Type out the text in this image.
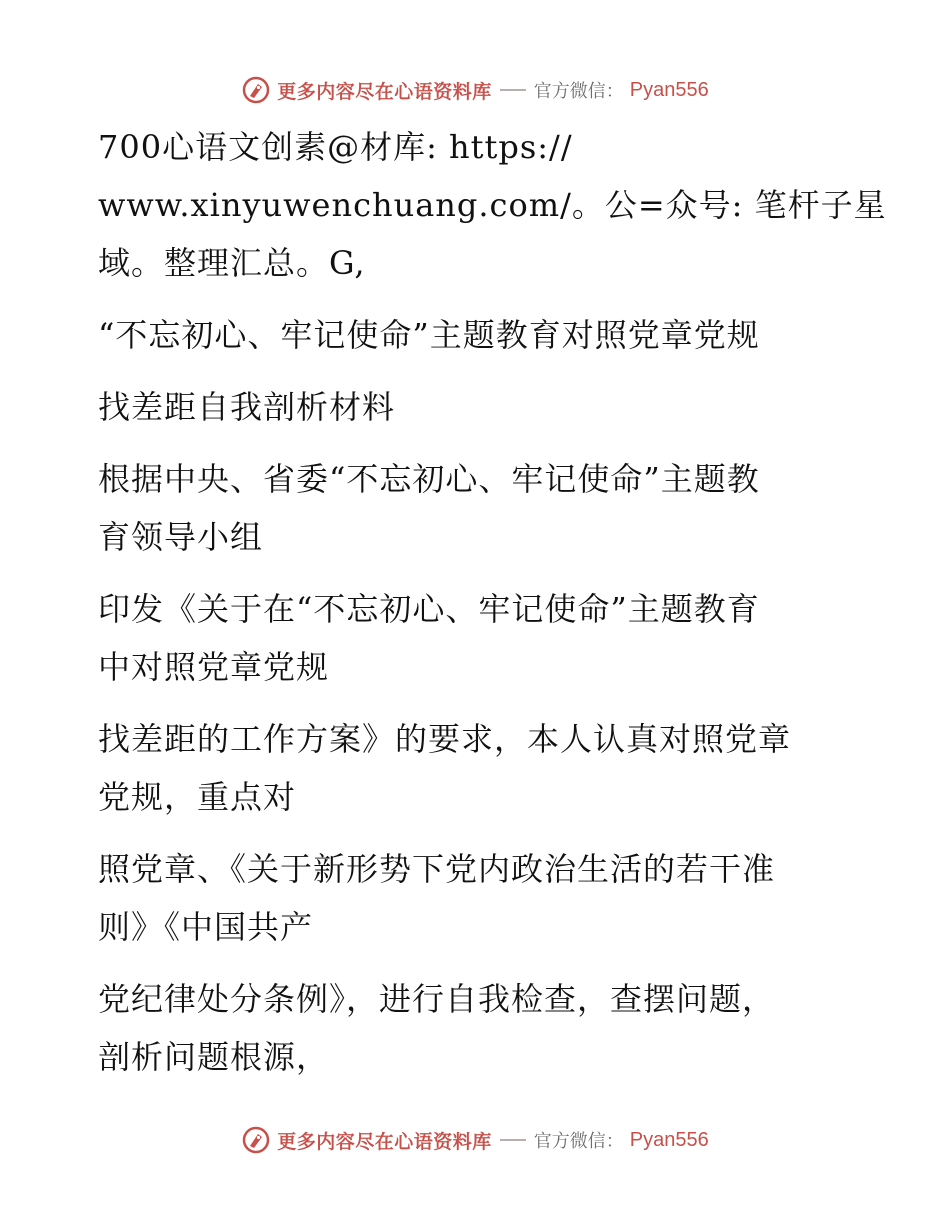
更多内容尽在心语资料库 官方微信： Pyan556
700心语文创素@材库: https://
www.xinyuwenchuang.com/。公=众号: 笔杆子星
域。整理汇总。G,
“不忘初心、牢记使命”主题教育对照党章党规
找差距自我剖析材料
根据中央、省委“不忘初心、牢记使命”主题教
育领导小组
印发《关于在“不忘初心、牢记使命”主题教育
中对照党章党规
找差距的工作方案》的要求，本人认真对照党章
党规，重点对
照党章、《关于新形势下党内政治生活的若干准
则》《中国共产
党纪律处分条例》，进行自我检查，查摆问题，
剖析问题根源，
更多内容尽在心语资料库 官方微信： Pyan556
